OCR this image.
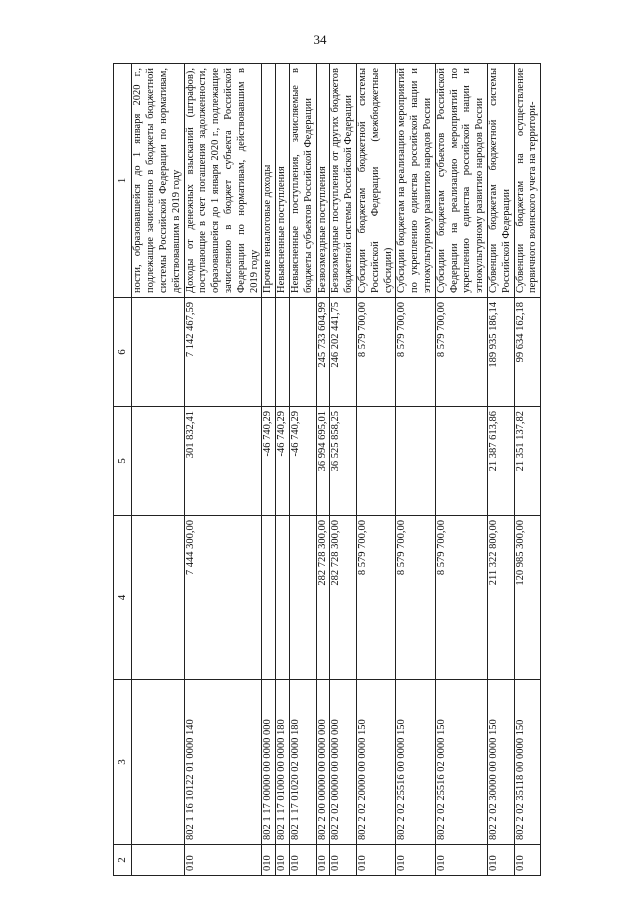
34
2	3	4	5	6	1
					ности, образовавшейся до 1 января 2020 г., подлежащие зачислению в бюджеты бюджетной системы Российской Федерации по нормативам, действовавшим в 2019 году
010	802 1 16 10122 01 0000 140	7 444 300,00	301 832,41	7 142 467,59	Доходы от денежных взысканий (штрафов), поступающие в счет погашения задолженности, образовавшейся до 1 января 2020 г., подлежащие зачислению в бюджет субъекта Российской Федерации по нормативам, действовавшим в 2019 году
010	802 1 17 00000 00 0000 000		-46 740,29		Прочие неналоговые доходы
010	802 1 17 01000 00 0000 180		-46 740,29		Невыясненные поступления
010	802 1 17 01020 02 0000 180		-46 740,29		Невыясненные поступления, зачисляемые в бюджеты субъектов Российской Федерации
010	802 2 00 00000 00 0000 000	282 728 300,00	36 994 695,01	245 733 604,99	Безвозмездные поступления
010	802 2 02 00000 00 0000 000	282 728 300,00	36 525 858,25	246 202 441,75	Безвозмездные поступления от других бюджетов бюджетной системы Российской Федерации
010	802 2 02 20000 00 0000 150	8 579 700,00		8 579 700,00	Субсидии бюджетам бюджетной системы Российской Федерации (межбюджетные субсидии)
010	802 2 02 25516 00 0000 150	8 579 700,00		8 579 700,00	Субсидии бюджетам на реализацию мероприятий по укреплению единства российской нации и этнокультурному развитию народов России
010	802 2 02 25516 02 0000 150	8 579 700,00		8 579 700,00	Субсидии бюджетам субъектов Российской Федерации на реализацию мероприятий по укреплению единства российской нации и этнокультурному развитию народов России
010	802 2 02 30000 00 0000 150	211 322 800,00	21 387 613,86	189 935 186,14	Субвенции бюджетам бюджетной системы Российской Федерации
010	802 2 02 35118 00 0000 150	120 985 300,00	21 351 137,82	99 634 162,18	Субвенции бюджетам на осуществление первичного воинского учета на территори-
